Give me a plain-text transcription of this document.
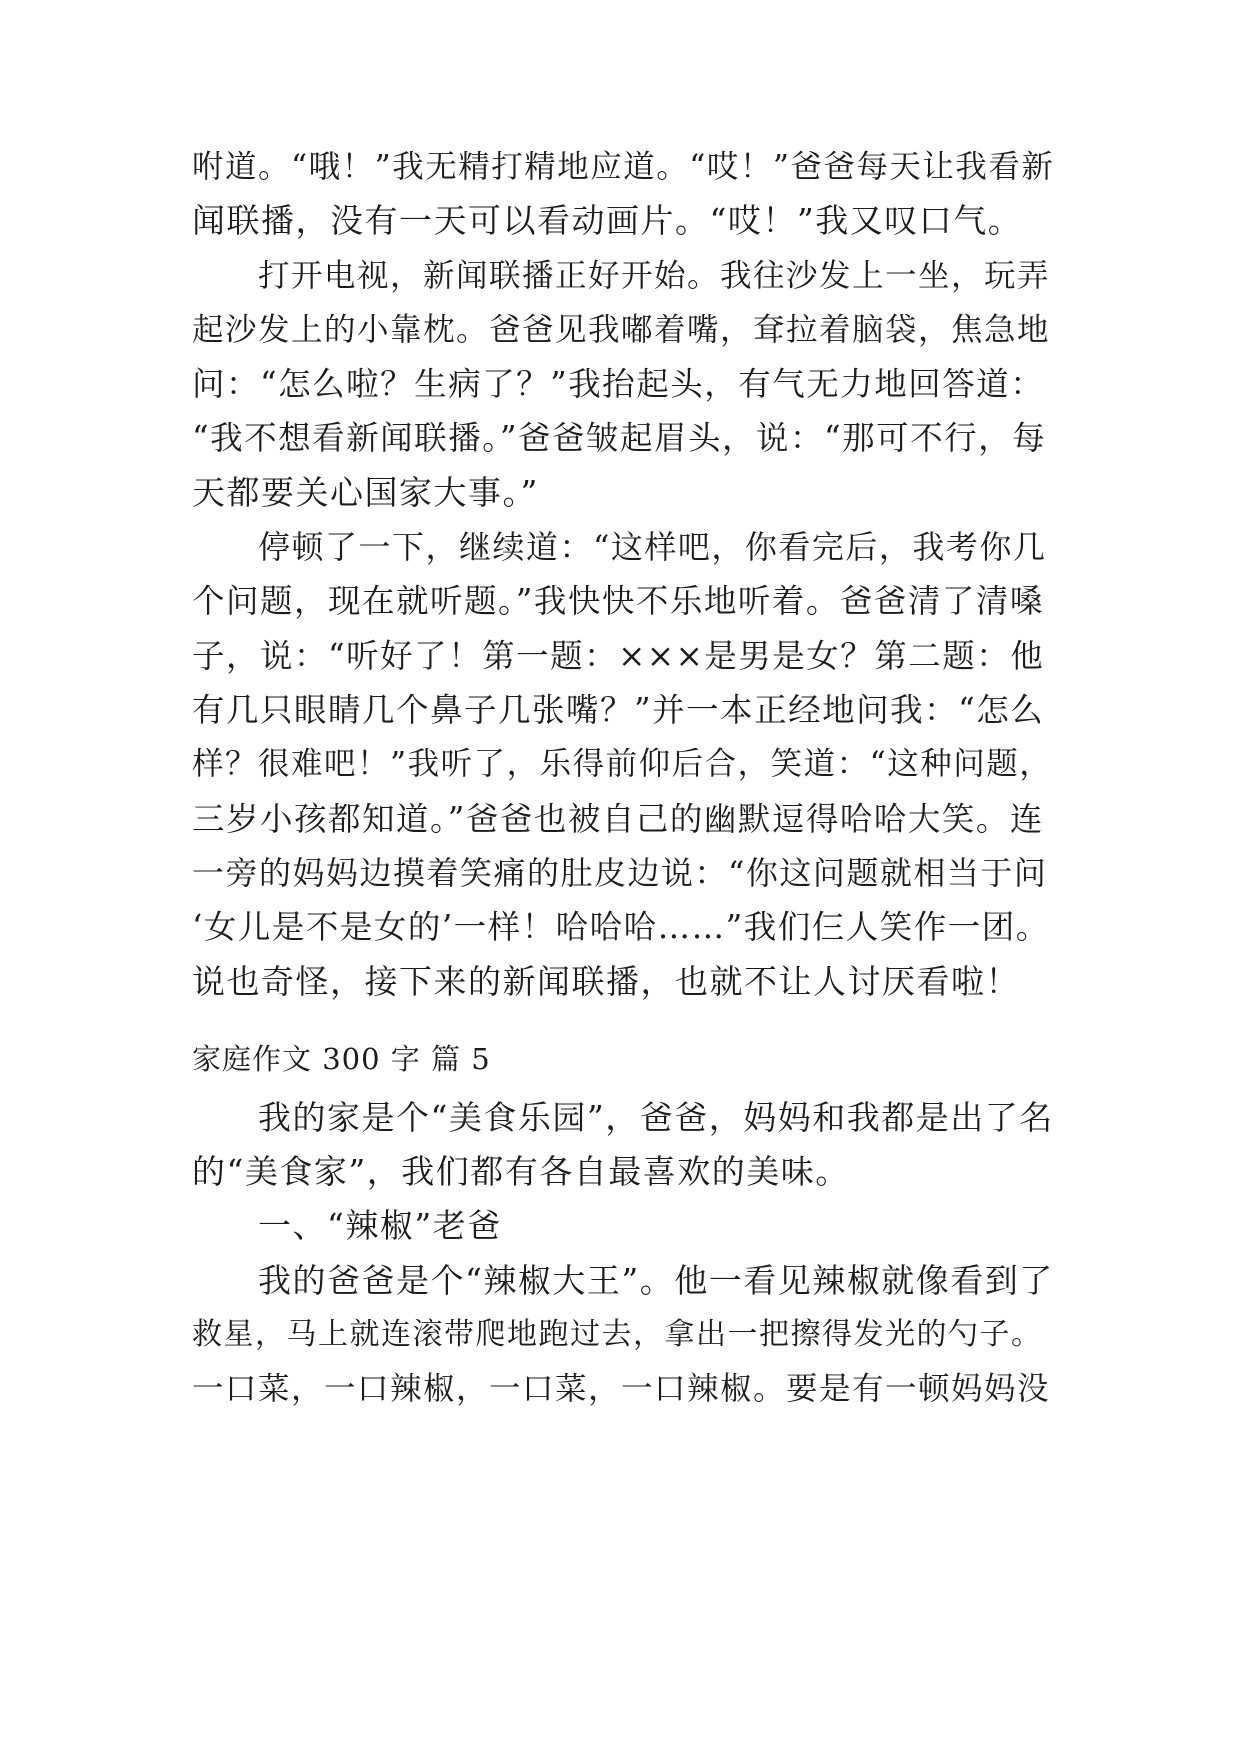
咐道。“哦！”我无精打精地应道。“哎！”爸爸每天让我看新
闻联播，没有一天可以看动画片。“哎！”我又叹口气。
打开电视，新闻联播正好开始。我往沙发上一坐，玩弄
起沙发上的小靠枕。爸爸见我嘟着嘴，耷拉着脑袋，焦急地
问：“怎么啦？生病了？”我抬起头，有气无力地回答道：
“我不想看新闻联播。”爸爸皱起眉头，说：“那可不行，每
天都要关心国家大事。”
停顿了一下，继续道：“这样吧，你看完后，我考你几
个问题，现在就听题。”我快快不乐地听着。爸爸清了清嗓
子，说：“听好了！第一题：×××是男是女？第二题：他
有几只眼睛几个鼻子几张嘴？”并一本正经地问我：“怎么
样？很难吧！”我听了，乐得前仰后合，笑道：“这种问题，
三岁小孩都知道。”爸爸也被自己的幽默逗得哈哈大笑。连
一旁的妈妈边摸着笑痛的肚皮边说：“你这问题就相当于问
‘女儿是不是女的’一样！哈哈哈……”我们仨人笑作一团。
说也奇怪，接下来的新闻联播，也就不让人讨厌看啦！
家庭作文 300 字 篇 5
我的家是个“美食乐园”，爸爸，妈妈和我都是出了名
的“美食家”，我们都有各自最喜欢的美味。
一、“辣椒”老爸
我的爸爸是个“辣椒大王”。他一看见辣椒就像看到了
救星，马上就连滚带爬地跑过去，拿出一把擦得发光的勺子。
一口菜，一口辣椒，一口菜，一口辣椒。要是有一顿妈妈没
